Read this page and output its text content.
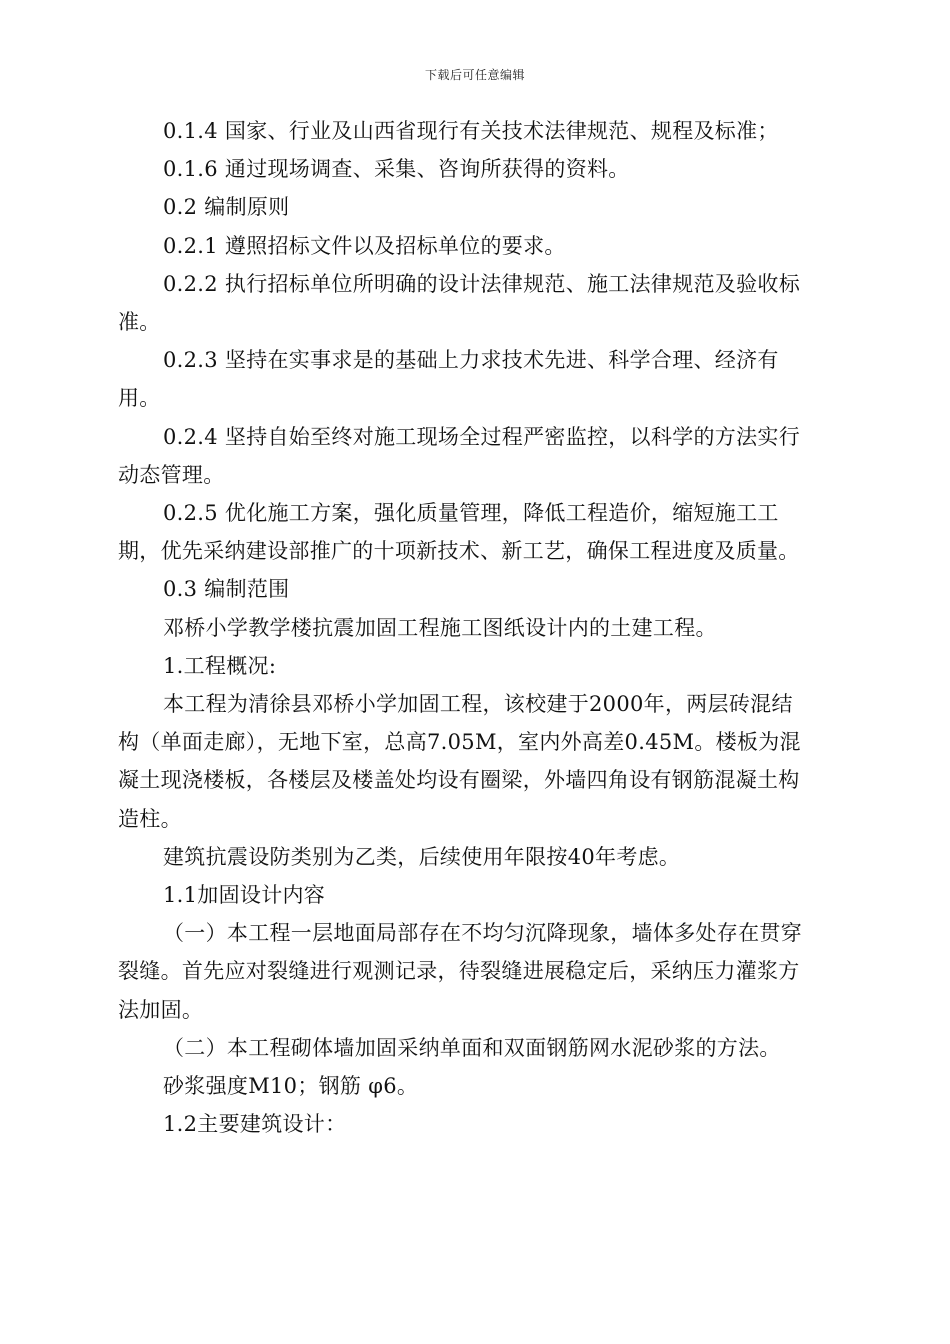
下载后可任意编辑

0.1.4 国家、行业及山西省现行有关技术法律规范、规程及标准；

0.1.6 通过现场调查、采集、咨询所获得的资料。

0.2 编制原则

0.2.1 遵照招标文件以及招标单位的要求。

0.2.2 执行招标单位所明确的设计法律规范、施工法律规范及验收标准。

0.2.3 坚持在实事求是的基础上力求技术先进、科学合理、经济有用。

0.2.4 坚持自始至终对施工现场全过程严密监控，以科学的方法实行动态管理。

0.2.5 优化施工方案，强化质量管理，降低工程造价，缩短施工工期，优先采纳建设部推广的十项新技术、新工艺，确保工程进度及质量。

0.3 编制范围

邓桥小学教学楼抗震加固工程施工图纸设计内的土建工程。

1.工程概况:

本工程为清徐县邓桥小学加固工程，该校建于2000年，两层砖混结构（单面走廊），无地下室，总高7.05M，室内外高差0.45M。楼板为混凝土现浇楼板，各楼层及楼盖处均设有圈梁，外墙四角设有钢筋混凝土构造柱。

建筑抗震设防类别为乙类，后续使用年限按40年考虑。

1.1加固设计内容

（一）本工程一层地面局部存在不均匀沉降现象，墙体多处存在贯穿裂缝。首先应对裂缝进行观测记录，待裂缝进展稳定后，采纳压力灌浆方法加固。

（二）本工程砌体墙加固采纳单面和双面钢筋网水泥砂浆的方法。

砂浆强度M10；钢筋 φ6。

1.2主要建筑设计：
